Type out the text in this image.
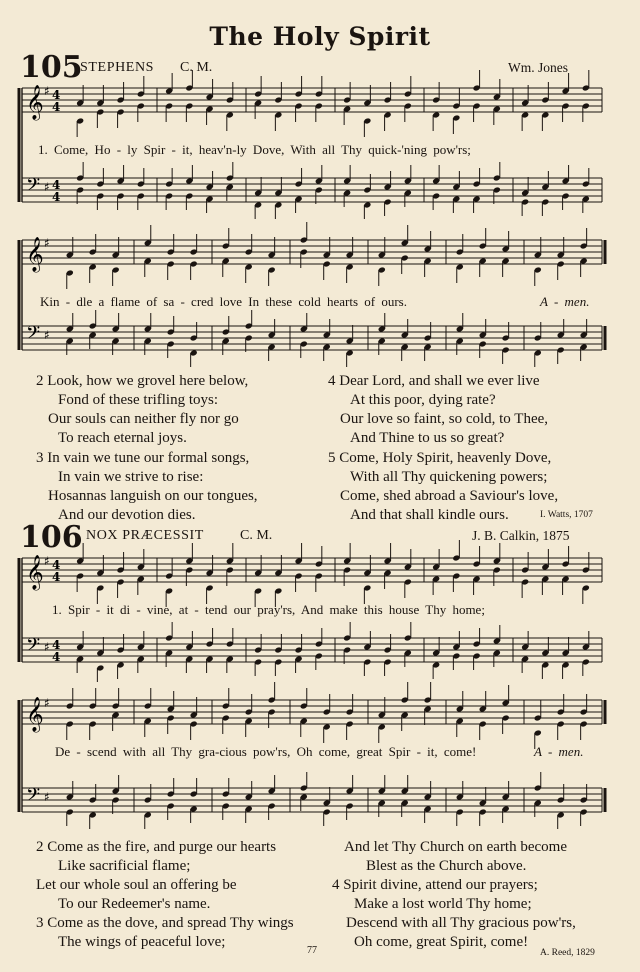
The Holy Spirit
105
STEPHENS C. M.	Wm. Jones
𝄞
𝄢
♯
♯
4
4
4
4
1. Come, Ho - ly Spir - it, heav'n-ly Dove, With all Thy quick-'ning pow'rs;
𝄞
𝄢
♯
♯
Kin - dle a flame of sa - cred love In these cold hearts of ours.	A - men.
2 Look, how we grovel here below,
Fond of these trifling toys:
Our souls can neither fly nor go
To reach eternal joys.
3 In vain we tune our formal songs,
In vain we strive to rise:
Hosannas languish on our tongues,
And our devotion dies.
4 Dear Lord, and shall we ever live
At this poor, dying rate?
Our love so faint, so cold, to Thee,
And Thine to us so great?
5 Come, Holy Spirit, heavenly Dove,
With all Thy quickening powers;
Come, shed abroad a Saviour's love,
And that shall kindle ours.	I. Watts, 1707
106 NOX PRÆCESSIT	C. M.	J. B. Calkin, 1875
𝄞
𝄢
♯
♯
4
4
4
4
1. Spir - it di - vine, at - tend our pray'rs, And make this house Thy home;
𝄞
𝄢
♯
♯
De - scend with all Thy gra-cious pow'rs, Oh come, great Spir - it, come!	A - men.
2 Come as the fire, and purge our hearts
Like sacrificial flame;
Let our whole soul an offering be
To our Redeemer's name.
3 Come as the dove, and spread Thy wings
The wings of peaceful love;
And let Thy Church on earth become
Blest as the Church above.
4 Spirit divine, attend our prayers;
Make a lost world Thy home;
Descend with all Thy gracious pow'rs,
Oh come, great Spirit, come!
77	A. Reed, 1829
